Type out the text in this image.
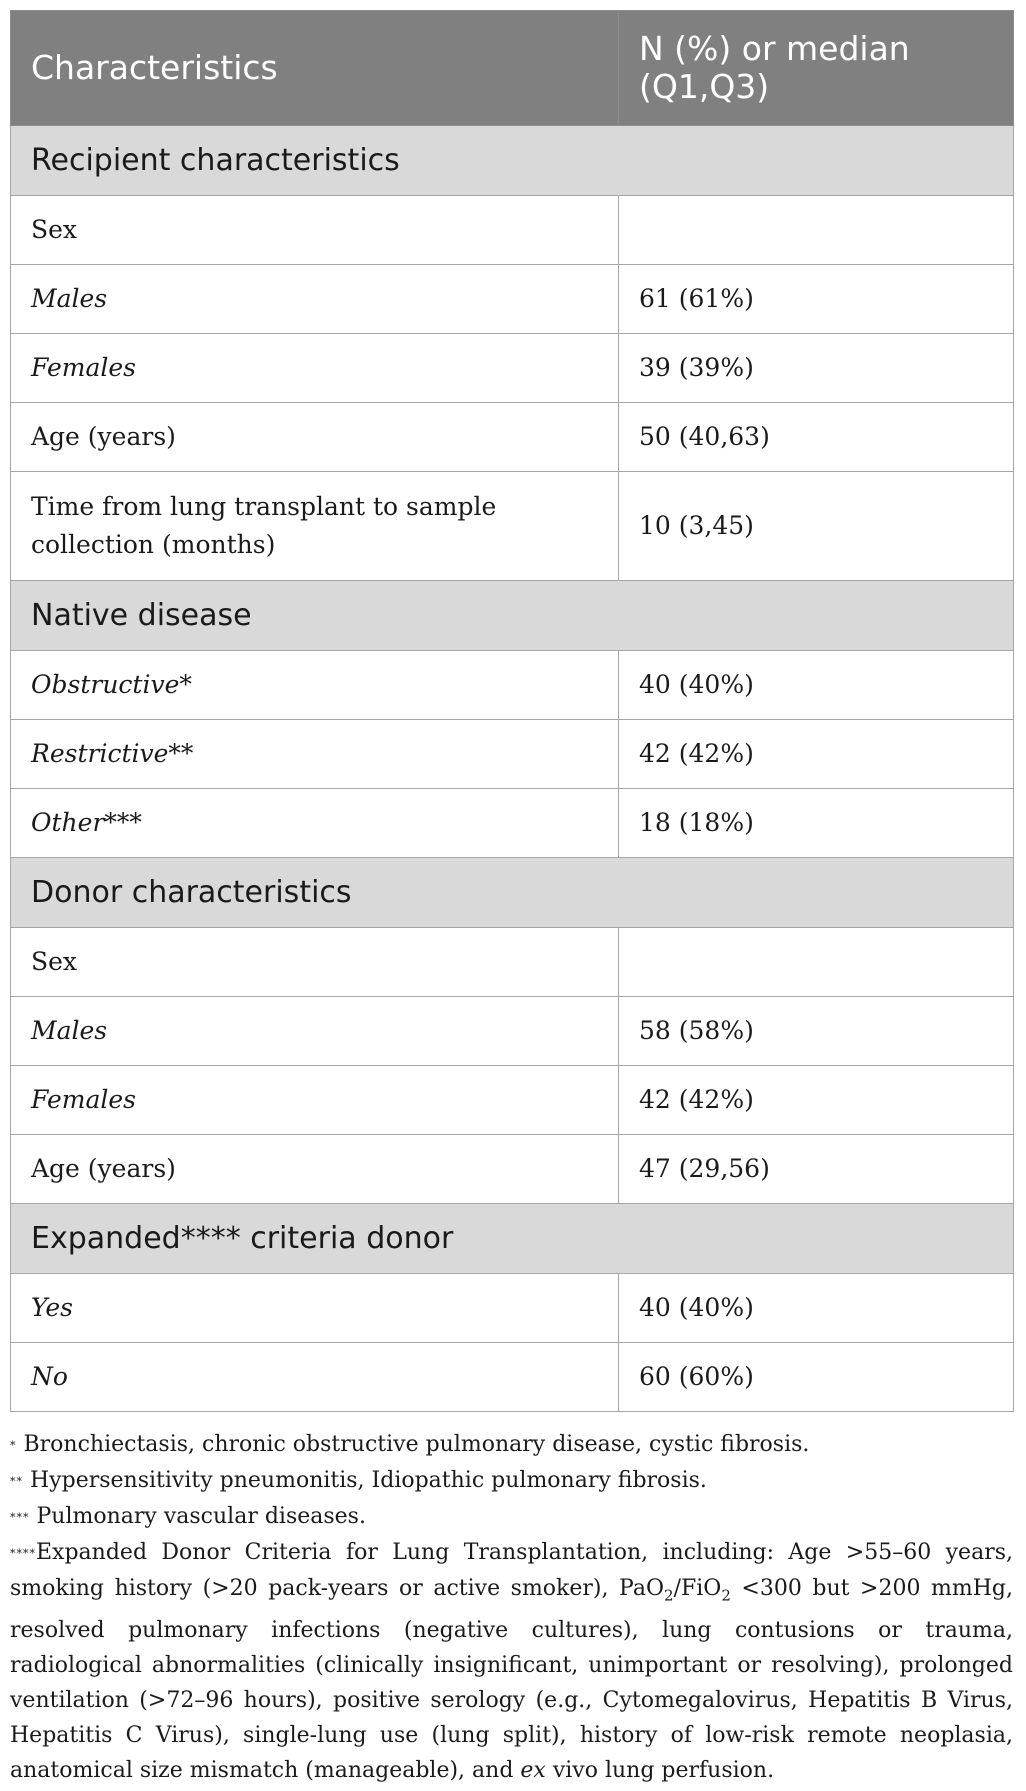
Characteristics	N (%) or median (Q1,Q3)
Recipient characteristics	
Sex	
Males	61 (61%)
Females	39 (39%)
Age (years)	50 (40,63)
Time from lung transplant to sample collection (months)	10 (3,45)
Native disease	
Obstructive*	40 (40%)
Restrictive**	42 (42%)
Other***	18 (18%)
Donor characteristics	
Sex	
Males	58 (58%)
Females	42 (42%)
Age (years)	47 (29,56)
Expanded**** criteria donor	
Yes	40 (40%)
No	60 (60%)

* Bronchiectasis, chronic obstructive pulmonary disease, cystic fibrosis.

** Hypersensitivity pneumonitis, Idiopathic pulmonary fibrosis.

*** Pulmonary vascular diseases.

****Expanded Donor Criteria for Lung Transplantation, including: Age >55–60 years, smoking history (>20 pack-years or active smoker), PaO$_2$/FiO$_2$ <300 but >200 mmHg, resolved pulmonary infections (negative cultures), lung contusions or trauma, radiological abnormalities (clinically insignificant, unimportant or resolving), prolonged ventilation (>72–96 hours), positive serology (e.g., Cytomegalovirus, Hepatitis B Virus, Hepatitis C Virus), single-lung use (lung split), history of low-risk remote neoplasia, anatomical size mismatch (manageable), and ex vivo lung perfusion.
